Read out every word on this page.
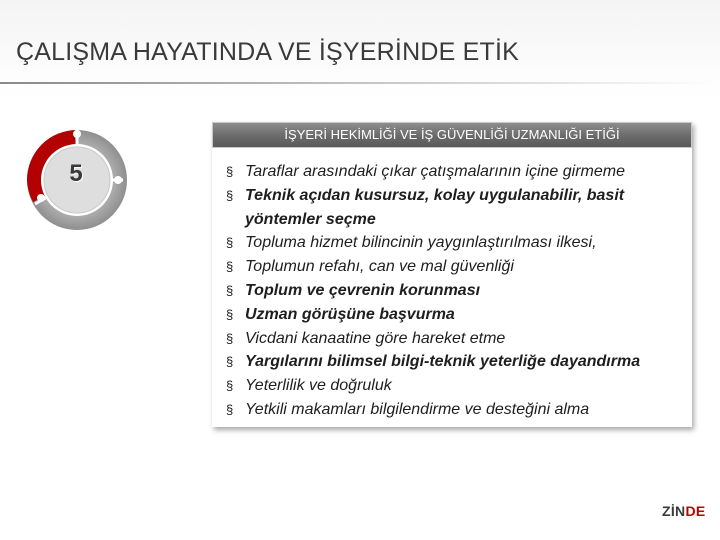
ÇALIŞMA HAYATINDA VE İŞYERİNDE ETİK
5
İŞYERİ HEKİMLİĞİ VE İŞ GÜVENLİĞİ UZMANLIĞI ETİĞİ
§ Taraflar arasındaki çıkar çatışmalarının içine girmeme
§ Teknik açıdan kusursuz, kolay uygulanabilir, basit yöntemler seçme
§ Topluma hizmet bilincinin yaygınlaştırılması ilkesi,
§ Toplumun refahı, can ve mal güvenliği
§ Toplum ve çevrenin korunması
§ Uzman görüşüne başvurma
§ Vicdani kanaatine göre hareket etme
§ Yargılarını bilimsel bilgi-teknik yeterliğe dayandırma
§ Yeterlilik ve doğruluk
§ Yetkili makamları bilgilendirme ve desteğini alma
ZİNDE
